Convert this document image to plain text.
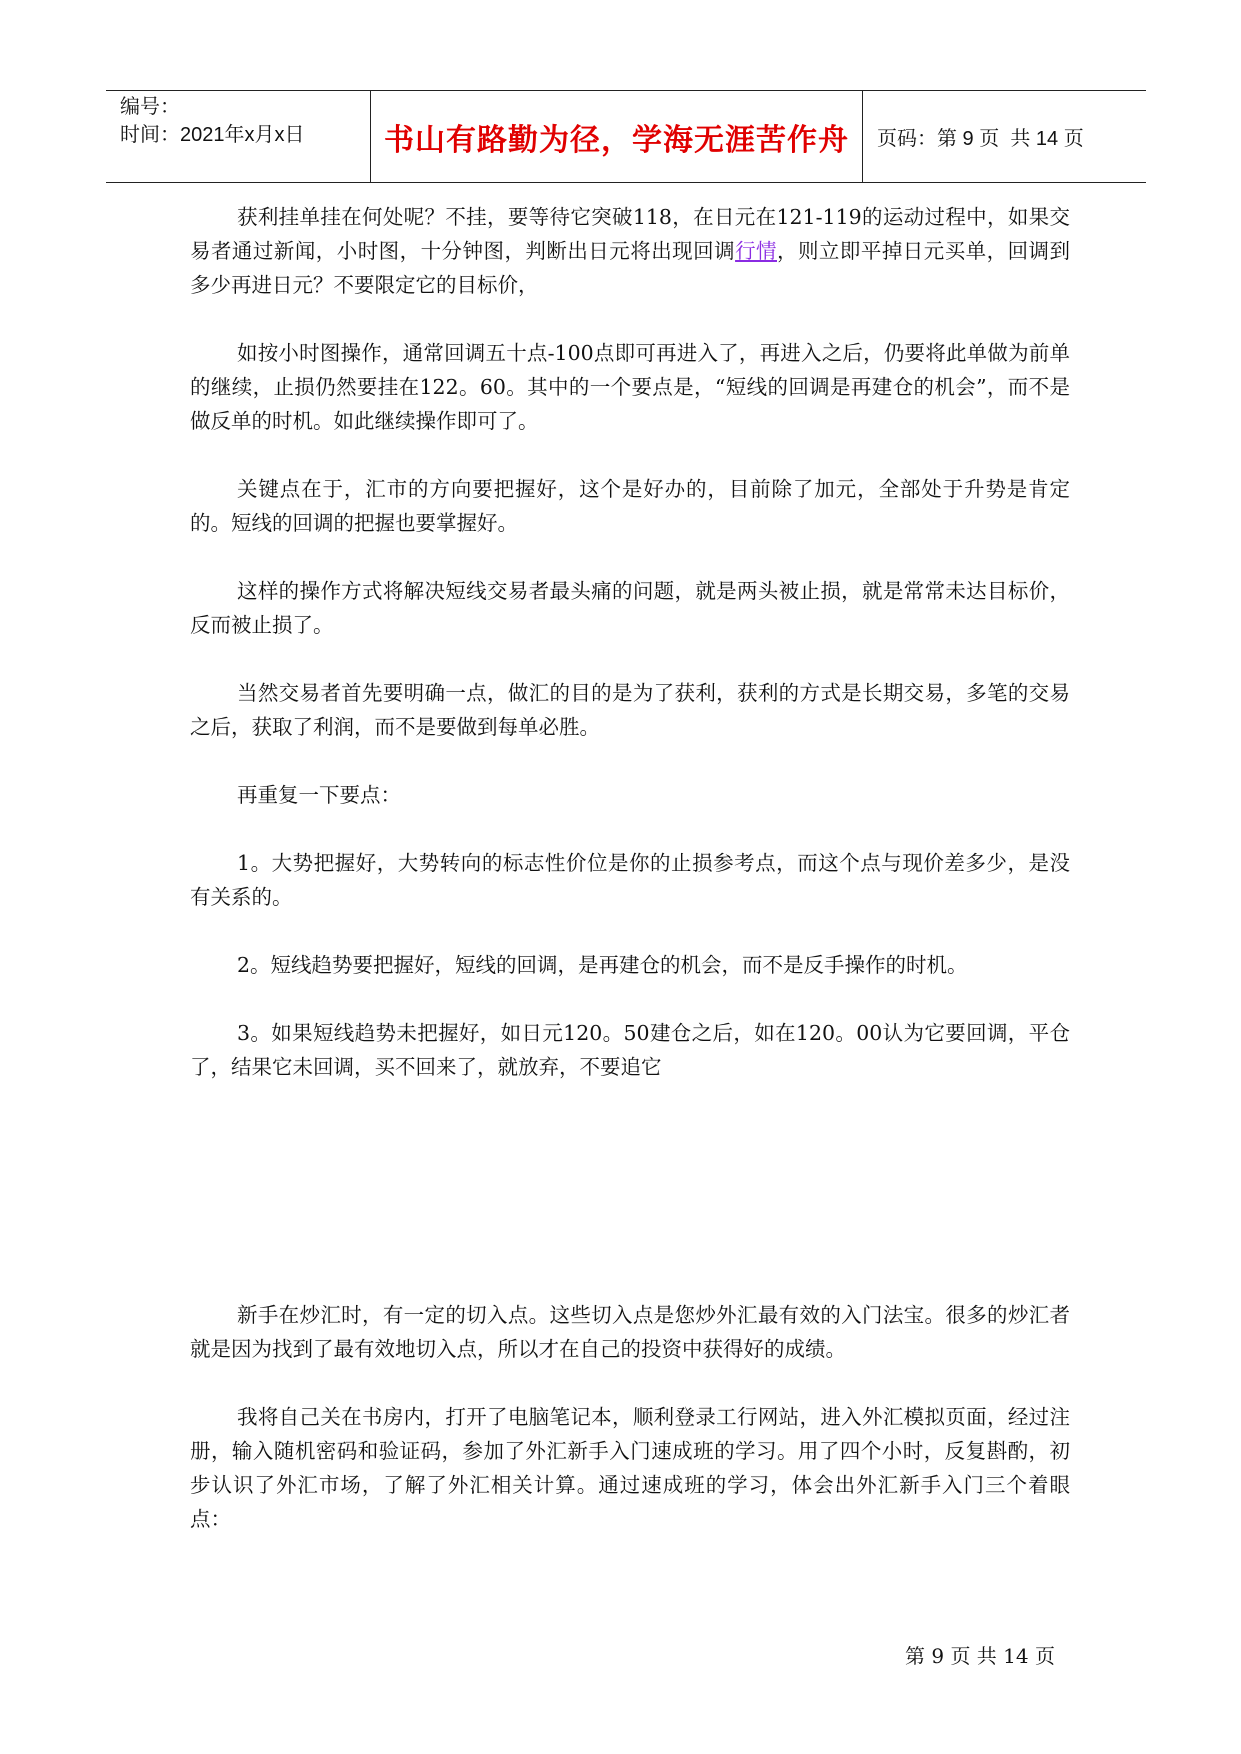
编号：
时间：2021年x月x日	书山有路勤为径，学海无涯苦作舟 页码：第 9 页  共 14 页

获利挂单挂在何处呢？不挂，要等待它突破118，在日元在121-119的运动过程中，如果交易者通过新闻，小时图，十分钟图，判断出日元将出现回调行情，则立即平掉日元买单，回调到多少再进日元？不要限定它的目标价，

如按小时图操作，通常回调五十点-100点即可再进入了，再进入之后，仍要将此单做为前单的继续，止损仍然要挂在122。60。其中的一个要点是，“短线的回调是再建仓的机会”，而不是做反单的时机。如此继续操作即可了。

关键点在于，汇市的方向要把握好，这个是好办的，目前除了加元，全部处于升势是肯定的。短线的回调的把握也要掌握好。

这样的操作方式将解决短线交易者最头痛的问题，就是两头被止损，就是常常未达目标价，反而被止损了。

当然交易者首先要明确一点，做汇的目的是为了获利，获利的方式是长期交易，多笔的交易之后，获取了利润，而不是要做到每单必胜。

再重复一下要点：

1。大势把握好，大势转向的标志性价位是你的止损参考点，而这个点与现价差多少，是没有关系的。

2。短线趋势要把握好，短线的回调，是再建仓的机会，而不是反手操作的时机。

3。如果短线趋势未把握好，如日元120。50建仓之后，如在120。00认为它要回调，平仓了，结果它未回调，买不回来了，就放弃，不要追它

新手在炒汇时，有一定的切入点。这些切入点是您炒外汇最有效的入门法宝。很多的炒汇者就是因为找到了最有效地切入点，所以才在自己的投资中获得好的成绩。

我将自己关在书房内，打开了电脑笔记本，顺利登录工行网站，进入外汇模拟页面，经过注册，输入随机密码和验证码，参加了外汇新手入门速成班的学习。用了四个小时，反复斟酌，初步认识了外汇市场，了解了外汇相关计算。通过速成班的学习，体会出外汇新手入门三个着眼点：

第 9 页 共 14 页
